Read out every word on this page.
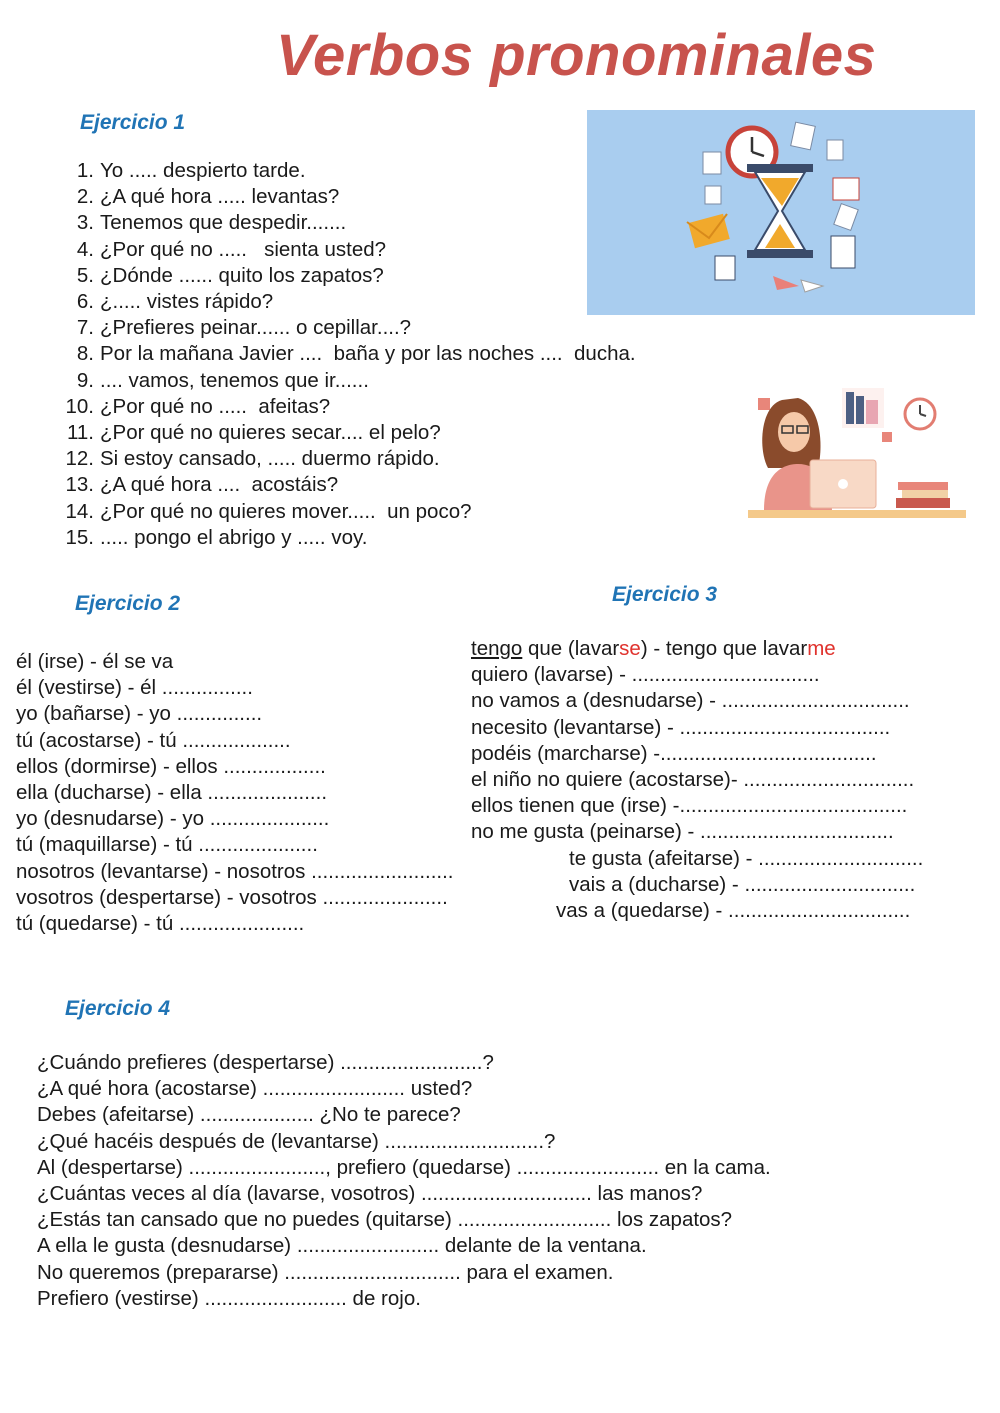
Verbos pronominales
Ejercicio 1
1. Yo ..... despierto tarde.
2. ¿A qué hora ..... levantas?
3. Tenemos que despedir.......
4. ¿Por qué no .....   sienta usted?
5. ¿Dónde ...... quito los zapatos?
6. ¿..... vistes rápido?
7. ¿Prefieres peinar...... o cepillar....?
8. Por la mañana Javier ....  baña y por las noches ....  ducha.
9. .... vamos, tenemos que ir......
10. ¿Por qué no .....  afeitas?
11. ¿Por qué no quieres secar.... el pelo?
12. Si estoy cansado, ..... duermo rápido.
13. ¿A qué hora ....  acostáis?
14. ¿Por qué no quieres mover.....  un poco?
15. ..... pongo el abrigo y ..... voy.
Ejercicio 2
él (irse) - él se va
él (vestirse) - él ................
yo (bañarse) - yo ...............
tú (acostarse) - tú ...................
ellos (dormirse) - ellos ..................
ella (ducharse) - ella .....................
yo (desnudarse) - yo .....................
tú (maquillarse) - tú .....................
nosotros (levantarse) - nosotros .........................
vosotros (despertarse) - vosotros ......................
tú (quedarse) - tú ......................
Ejercicio 3
tengo que (lavarse) - tengo que lavarme
quiero (lavarse) - .................................
no vamos a (desnudarse) - .................................
necesito (levantarse) - .....................................
podéis (marcharse) -......................................
el niño no quiere (acostarse)- ..............................
ellos tienen que (irse) -........................................
no me gusta (peinarse) - ..................................
te gusta (afeitarse) - .............................
vais a (ducharse) - ..............................
vas a (quedarse) - ................................
Ejercicio 4
¿Cuándo prefieres (despertarse) .........................?
¿A qué hora (acostarse) ......................... usted?
Debes (afeitarse) .................... ¿No te parece?
¿Qué hacéis después de (levantarse) ............................?
Al (despertarse) ........................, prefiero (quedarse) ......................... en la cama.
¿Cuántas veces al día (lavarse, vosotros) .............................. las manos?
¿Estás tan cansado que no puedes (quitarse) ........................... los zapatos?
A ella le gusta (desnudarse) ......................... delante de la ventana.
No queremos (prepararse) ............................... para el examen.
Prefiero (vestirse) ......................... de rojo.
